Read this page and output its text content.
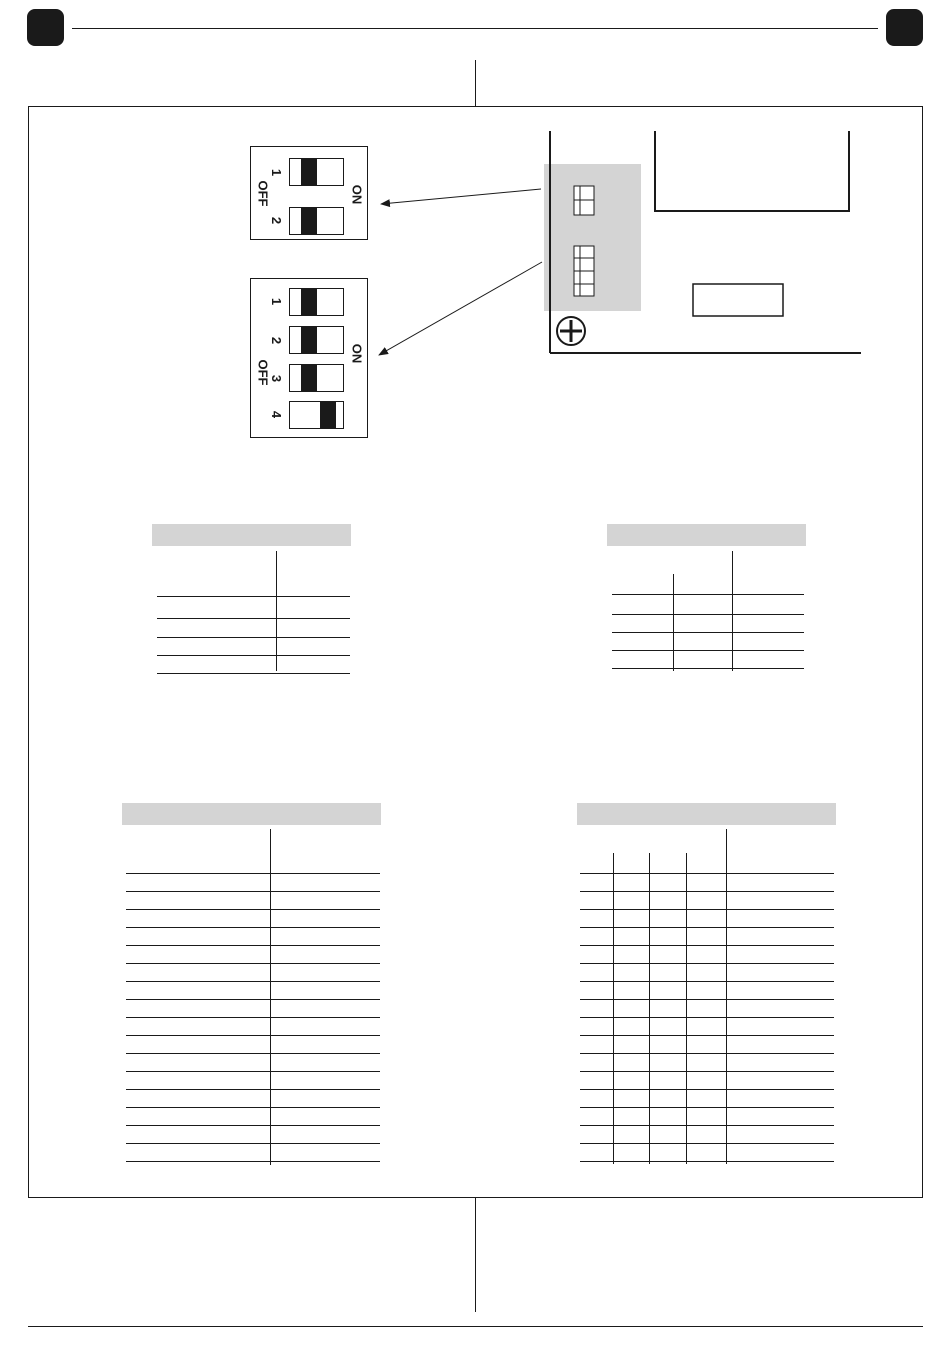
1
2
OFF	ON
1
2
3
4
OFF
ON
